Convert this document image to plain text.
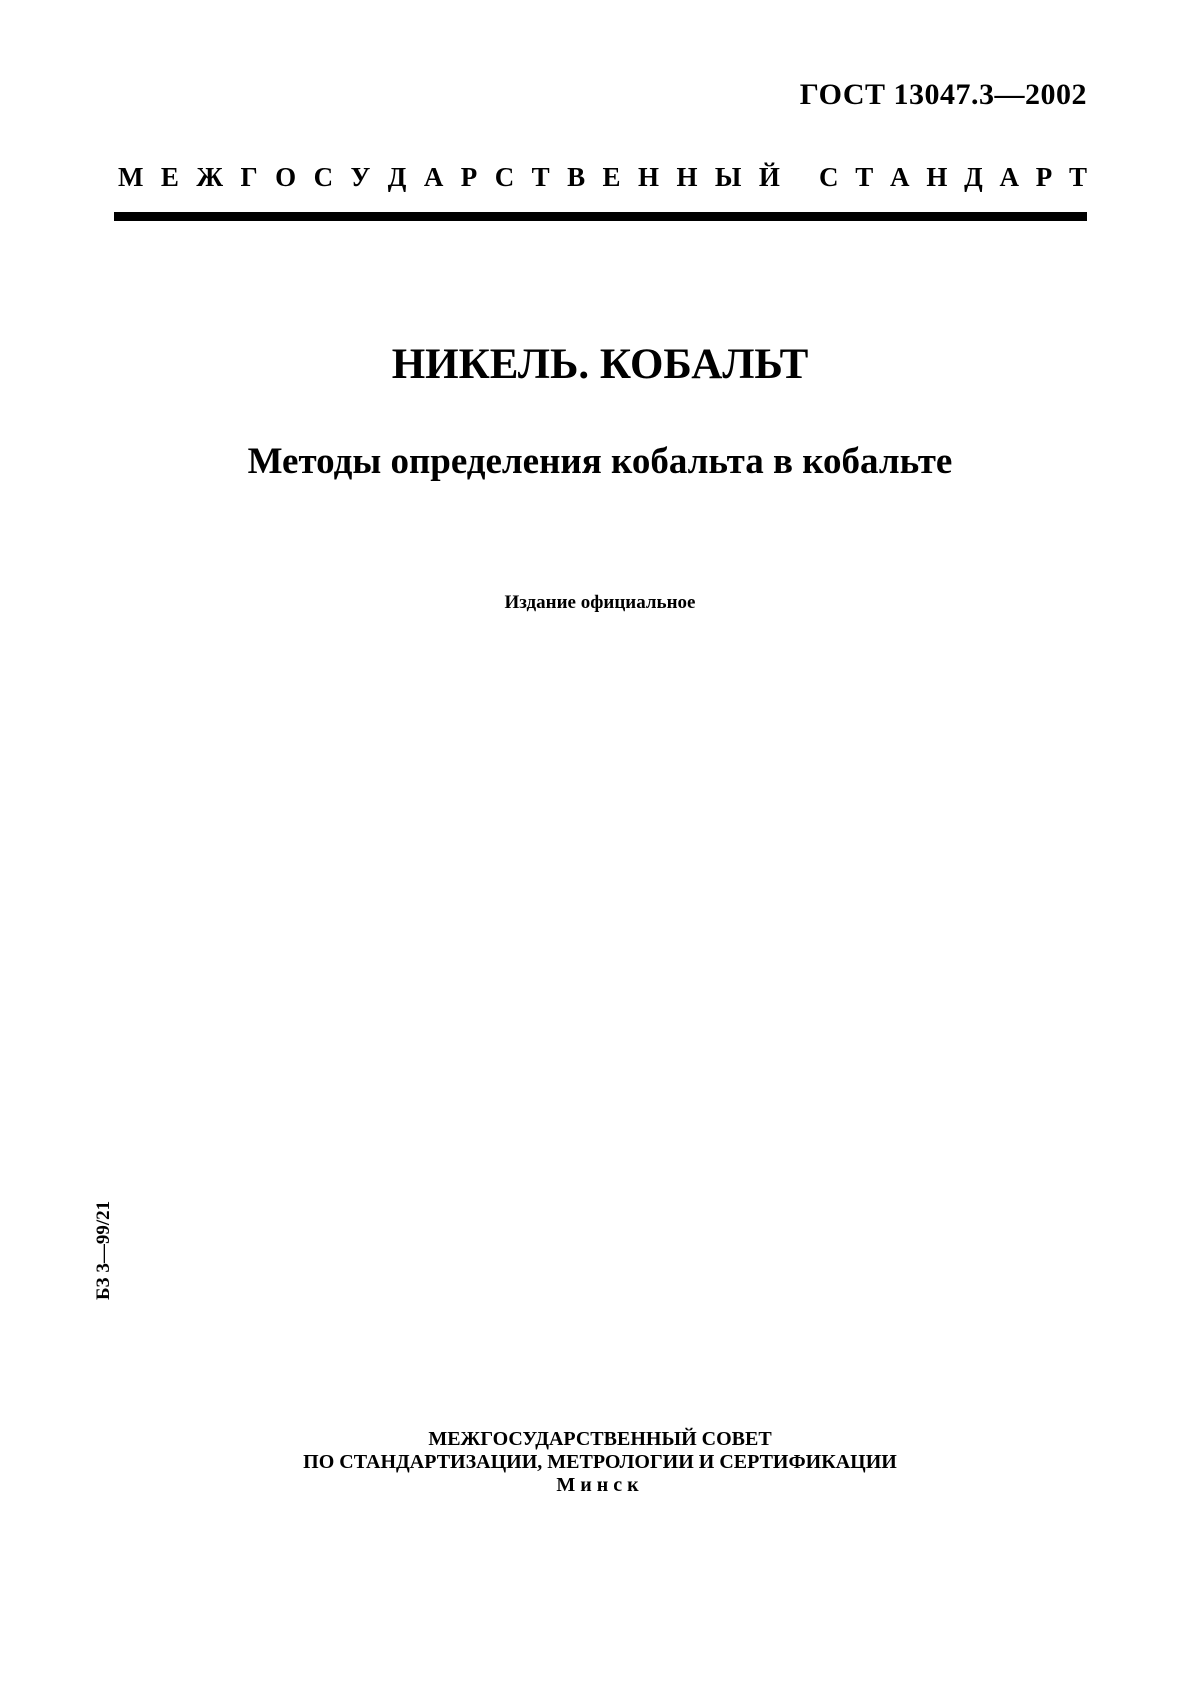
ГОСТ 13047.3—2002
М Е Ж Г О С У Д А Р С Т В Е Н Н Ы Й С Т А Н Д А Р Т
НИКЕЛЬ. КОБАЛЬТ
Методы определения кобальта в кобальте
Издание официальное
БЗ 3—99/21
МЕЖГОСУДАРСТВЕННЫЙ СОВЕТ
ПО СТАНДАРТИЗАЦИИ, МЕТРОЛОГИИ И СЕРТИФИКАЦИИ
Минск
